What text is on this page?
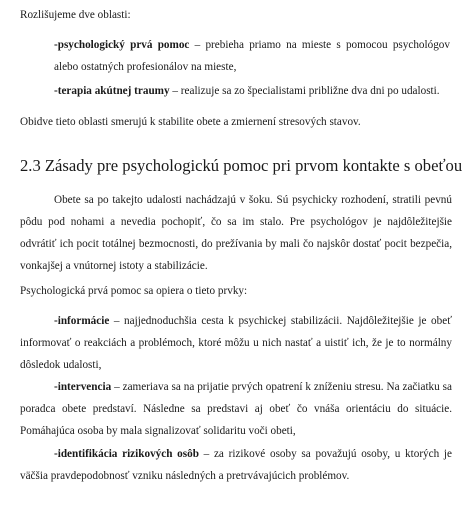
Rozlišujeme dve oblasti:

-psychologický prvá pomoc – prebieha priamo na mieste s pomocou psychológov alebo ostatných profesionálov na mieste,

-terapia akútnej traumy – realizuje sa zo špecialistami približne dva dni po udalosti.

Obidve tieto oblasti smerujú k stabilite obete a zmiernení stresových stavov.

2.3 Zásady pre psychologickú pomoc pri prvom kontakte s obeťou

Obete sa po takejto udalosti nachádzajú v šoku. Sú psychicky rozhodení, stratili pevnú pôdu pod nohami a nevedia pochopiť, čo sa im stalo. Pre psychológov je najdôležitejšie odvrátiť ich pocit totálnej bezmocnosti, do prežívania by mali čo najskôr dostať pocit bezpečia, vonkajšej a vnútornej istoty a stabilizácie.

Psychologická prvá pomoc sa opiera o tieto prvky:

-informácie – najjednoduchšia cesta k psychickej stabilizácii. Najdôležitejšie je obeť informovať o reakciách a problémoch, ktoré môžu u nich nastať a uistiť ich, že je to normálny dôsledok udalosti,

-intervencia – zameriava sa na prijatie prvých opatrení k zníženiu stresu. Na začiatku sa poradca obete predstaví. Následne sa predstavi aj obeť čo vnáša orientáciu do situácie. Pomáhajúca osoba by mala signalizovať solidaritu voči obeti,

-identifikácia rizikových osôb – za rizikové osoby sa považujú osoby, u ktorých je väčšia pravdepodobnosť vzniku následných a pretrvávajúcich problémov.
